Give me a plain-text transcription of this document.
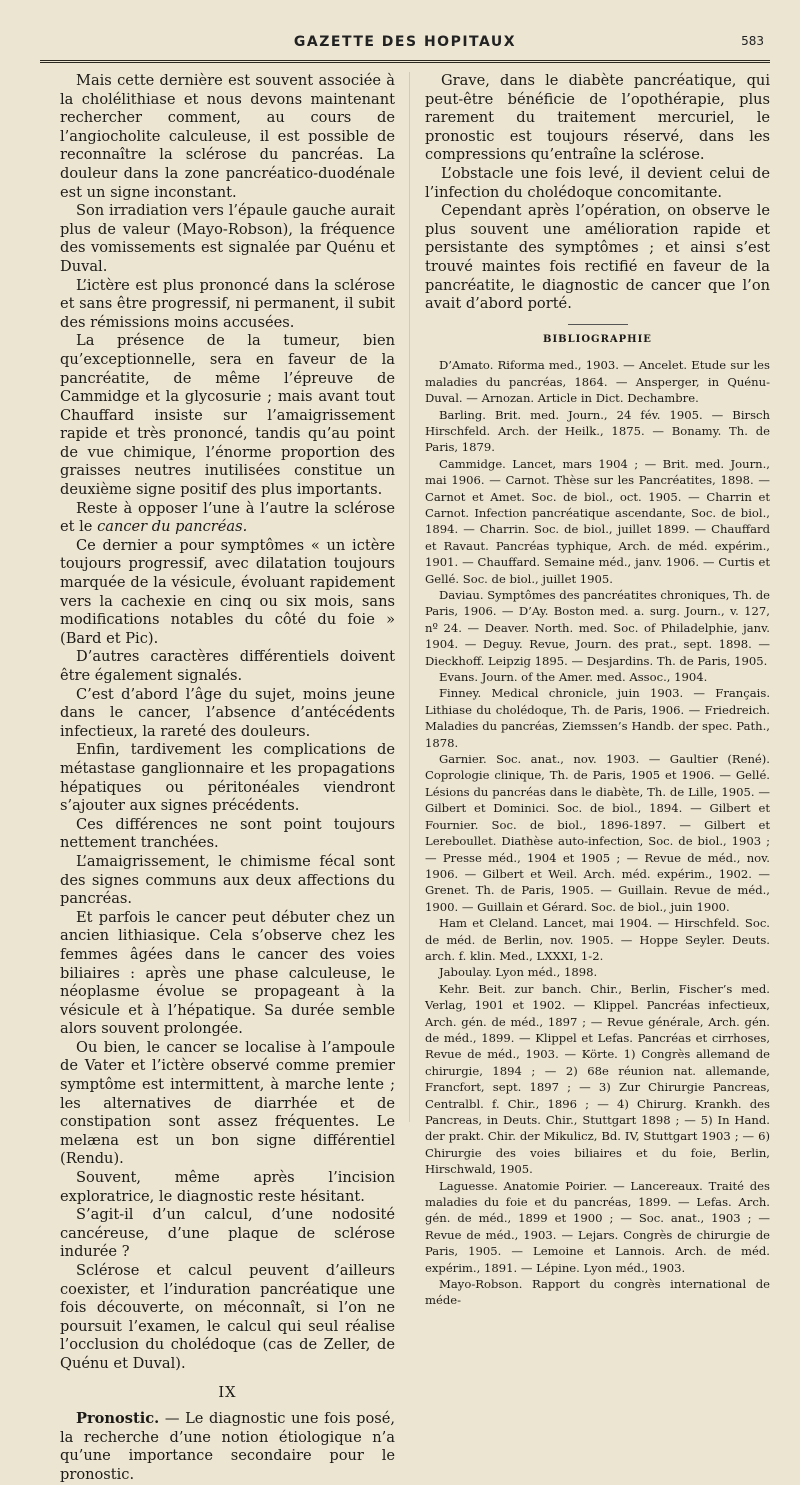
GAZETTE DES HOPITAUX	583

Mais cette dernière est souvent associée à la cholélithiase et nous devons maintenant rechercher comment, au cours de l’angiocholite calculeuse, il est possible de reconnaître la sclérose du pancréas. La douleur dans la zone pancréatico-duodénale est un signe inconstant.

Son irradiation vers l’épaule gauche aurait plus de valeur (Mayo-Robson), la fréquence des vomissements est signalée par Quénu et Duval.

L’ictère est plus prononcé dans la sclérose et sans être progressif, ni permanent, il subit des rémissions moins accusées.

La présence de la tumeur, bien qu’exceptionnelle, sera en faveur de la pancréatite, de même l’épreuve de Cammidge et la glycosurie ; mais avant tout Chauffard insiste sur l’amaigrissement rapide et très prononcé, tandis qu’au point de vue chimique, l’énorme proportion des graisses neutres inutilisées constitue un deuxième signe positif des plus importants.

Reste à opposer l’une à l’autre la sclérose et le cancer du pancréas.

Ce dernier a pour symptômes « un ictère toujours progressif, avec dilatation toujours marquée de la vésicule, évoluant rapidement vers la cachexie en cinq ou six mois, sans modifications notables du côté du foie » (Bard et Pic).

D’autres caractères différentiels doivent être également signalés.

C’est d’abord l’âge du sujet, moins jeune dans le cancer, l’absence d’antécédents infectieux, la rareté des douleurs.

Enfin, tardivement les complications de métastase ganglionnaire et les propagations hépatiques ou péritonéales viendront s’ajouter aux signes précédents.

Ces différences ne sont point toujours nettement tranchées.

L’amaigrissement, le chimisme fécal sont des signes communs aux deux affections du pancréas.

Et parfois le cancer peut débuter chez un ancien lithiasique. Cela s’observe chez les femmes âgées dans le cancer des voies biliaires : après une phase calculeuse, le néoplasme évolue se propageant à la vésicule et à l’hépatique. Sa durée semble alors souvent prolongée.

Ou bien, le cancer se localise à l’ampoule de Vater et l’ictère observé comme premier symptôme est intermittent, à marche lente ; les alternatives de diarrhée et de constipation sont assez fréquentes. Le melæna est un bon signe différentiel (Rendu).

Souvent, même après l’incision exploratrice, le diagnostic reste hésitant.

S’agit-il d’un calcul, d’une nodosité cancéreuse, d’une plaque de sclérose indurée ?

Sclérose et calcul peuvent d’ailleurs coexister, et l’induration pancréatique une fois découverte, on méconnaît, si l’on ne poursuit l’examen, le calcul qui seul réalise l’occlusion du cholédoque (cas de Zeller, de Quénu et Duval).

IX

Pronostic. — Le diagnostic une fois posé, la recherche d’une notion étiologique n’a qu’une importance secondaire pour le pronostic.

Grave, dans le diabète pancréatique, qui peut-être bénéficie de l’opothérapie, plus rarement du traitement mercuriel, le pronostic est toujours réservé, dans les compressions qu’entraîne la sclérose.

L’obstacle une fois levé, il devient celui de l’infection du cholédoque concomitante.

Cependant après l’opération, on observe le plus souvent une amélioration rapide et persistante des symptômes ; et ainsi s’est trouvé maintes fois rectifié en faveur de la pancréatite, le diagnostic de cancer que l’on avait d’abord porté.

BIBLIOGRAPHIE

D’Amato. Riforma med., 1903. — Ancelet. Etude sur les maladies du pancréas, 1864. — Ansperger, in Quénu-Duval. — Arnozan. Article in Dict. Dechambre.

Barling. Brit. med. Journ., 24 fév. 1905. — Birsch Hirschfeld. Arch. der Heilk., 1875. — Bonamy. Th. de Paris, 1879.

Cammidge. Lancet, mars 1904 ; — Brit. med. Journ., mai 1906. — Carnot. Thèse sur les Pancréatites, 1898. — Carnot et Amet. Soc. de biol., oct. 1905. — Charrin et Carnot. Infection pancréatique ascendante, Soc. de biol., 1894. — Charrin. Soc. de biol., juillet 1899. — Chauffard et Ravaut. Pancréas typhique, Arch. de méd. expérim., 1901. — Chauffard. Semaine méd., janv. 1906. — Curtis et Gellé. Soc. de biol., juillet 1905.

Daviau. Symptômes des pancréatites chroniques, Th. de Paris, 1906. — D’Ay. Boston med. a. surg. Journ., v. 127, nº 24. — Deaver. North. med. Soc. of Philadelphie, janv. 1904. — Deguy. Revue, Journ. des prat., sept. 1898. — Dieckhoff. Leipzig 1895. — Desjardins. Th. de Paris, 1905.

Evans. Journ. of the Amer. med. Assoc., 1904.

Finney. Medical chronicle, juin 1903. — Français. Lithiase du cholédoque, Th. de Paris, 1906. — Friedreich. Maladies du pancréas, Ziemssen’s Handb. der spec. Path., 1878.

Garnier. Soc. anat., nov. 1903. — Gaultier (René). Coprologie clinique, Th. de Paris, 1905 et 1906. — Gellé. Lésions du pancréas dans le diabète, Th. de Lille, 1905. — Gilbert et Dominici. Soc. de biol., 1894. — Gilbert et Fournier. Soc. de biol., 1896-1897. — Gilbert et Lereboullet. Diathèse auto-infection, Soc. de biol., 1903 ; — Presse méd., 1904 et 1905 ; — Revue de méd., nov. 1906. — Gilbert et Weil. Arch. méd. expérim., 1902. — Grenet. Th. de Paris, 1905. — Guillain. Revue de méd., 1900. — Guillain et Gérard. Soc. de biol., juin 1900.

Ham et Cleland. Lancet, mai 1904. — Hirschfeld. Soc. de méd. de Berlin, nov. 1905. — Hoppe Seyler. Deuts. arch. f. klin. Med., LXXXI, 1-2.

Jaboulay. Lyon méd., 1898.

Kehr. Beit. zur banch. Chir., Berlin, Fischer’s med. Verlag, 1901 et 1902. — Klippel. Pancréas infectieux, Arch. gén. de méd., 1897 ; — Revue générale, Arch. gén. de méd., 1899. — Klippel et Lefas. Pancréas et cirrhoses, Revue de méd., 1903. — Körte. 1) Congrès allemand de chirurgie, 1894 ; — 2) 68e réunion nat. allemande, Francfort, sept. 1897 ; — 3) Zur Chirurgie Pancreas, Centralbl. f. Chir., 1896 ; — 4) Chirurg. Krankh. des Pancreas, in Deuts. Chir., Stuttgart 1898 ; — 5) In Hand. der prakt. Chir. der Mikulicz, Bd. IV, Stuttgart 1903 ; — 6) Chirurgie des voies biliaires et du foie, Berlin, Hirschwald, 1905.

Laguesse. Anatomie Poirier. — Lancereaux. Traité des maladies du foie et du pancréas, 1899. — Lefas. Arch. gén. de méd., 1899 et 1900 ; — Soc. anat., 1903 ; — Revue de méd., 1903. — Lejars. Congrès de chirurgie de Paris, 1905. — Lemoine et Lannois. Arch. de méd. expérim., 1891. — Lépine. Lyon méd., 1903.

Mayo-Robson. Rapport du congrès international de méde-
